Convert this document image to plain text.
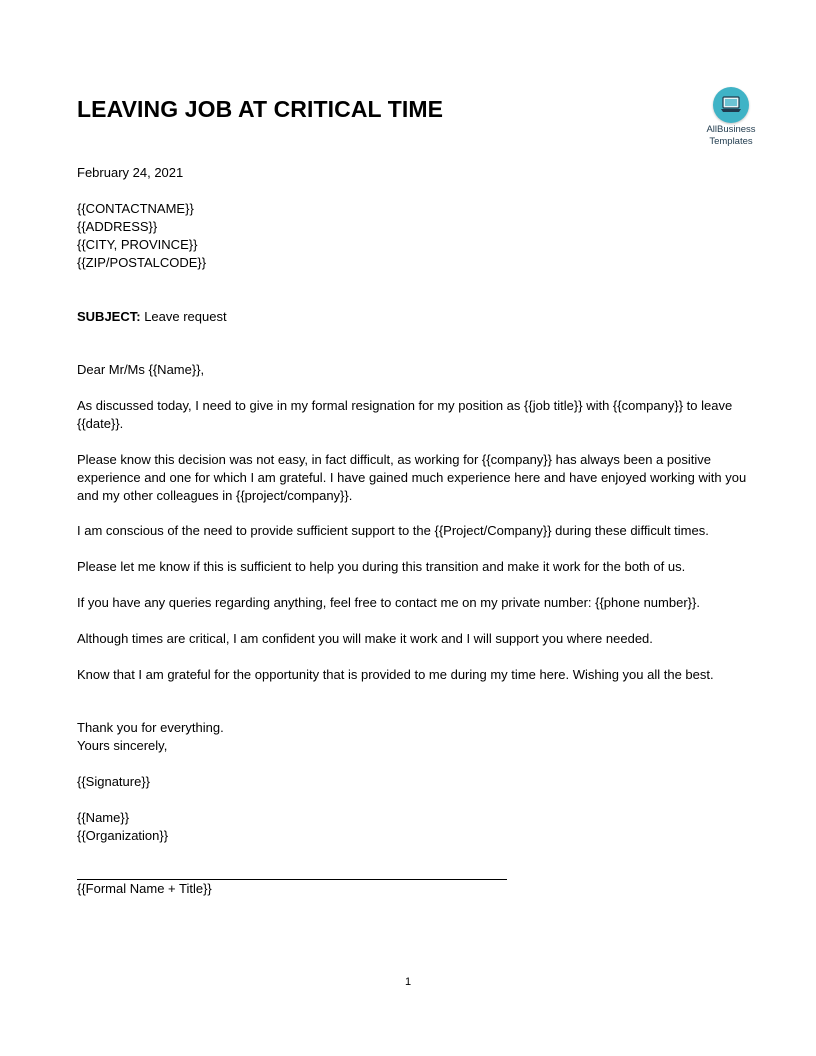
LEAVING JOB AT CRITICAL TIME
AllBusiness
Templates

February 24, 2021

{{CONTACTNAME}}
{{ADDRESS}}
{{CITY, PROVINCE}}
{{ZIP/POSTALCODE}}

SUBJECT: Leave request

Dear Mr/Ms {{Name}},

As discussed today, I need to give in my formal resignation for my position as {{job title}} with {{company}} to leave {{date}}.

Please know this decision was not easy, in fact difficult, as working for {{company}} has always been a positive experience and one for which I am grateful. I have gained much experience here and have enjoyed working with you and my other colleagues in {{project/company}}.

I am conscious of the need to provide sufficient support to the {{Project/Company}} during these difficult times.

Please let me know if this is sufficient to help you during this transition and make it work for the both of us.

If you have any queries regarding anything, feel free to contact me on my private number: {{phone number}}.

Although times are critical, I am confident you will make it work and I will support you where needed.

Know that I am grateful for the opportunity that is provided to me during my time here. Wishing you all the best.

Thank you for everything.

Yours sincerely,

{{Signature}}

{{Name}}

{{Organization}}

{{Formal Name + Title}}

1
